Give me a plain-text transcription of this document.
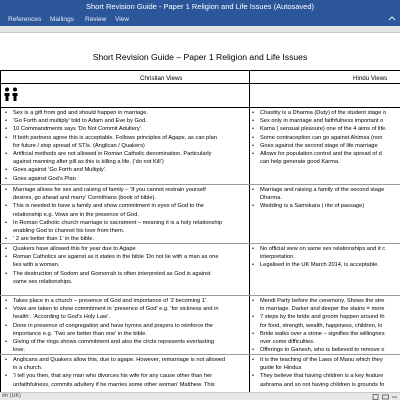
Short Revision Guide - Paper 1 Religion and Life Issues (Autosaved)
References Mailings Review View
Short Revision Guide – Paper 1 Religion and Life Issues
Christian Views	Hindu Views
• Sex is a gift from god and should happen in marriage.
• ‘Go Forth and multiply’ told to Adam and Eve by God.
• 10 Commandments says ‘Do Not Commit Adultery’.
• If both partners agree this is acceptable. Follows principles of Agape, as can plan
for future / stop spread of STIs. (Anglican / Quakers)
• Artificial methods are not allowed in Roman Catholic denomination. Particularly
against manning after pill as this is killing a life. (‘do not Kill’)
• Goes against ‘Go Forth and Multiply’.
• Goes against God’s Plan
• Marriage allows for sex and raising of family – ‘If you cannot restrain yourself
desires, go ahead and marry’ Corinthians (book of bible).
• This is needed to have a family and show commitment in eyes of God to the
relationship e.g. Vows are in the presence of God.
• In Roman Catholic church marriage is sacrament – meaning it is a holy relationship
enabling God to channel his love from them.
• ‘ 2 are better than 1’ in the bible.
• Quakers have allowed this for year due to Agape
• Roman Catholics are against as it states in the bible ‘Do not lie with a man as one
lies with a woman.
• The destruction of Sodom and Gomorrah is often interpreted as God is against
same sex relationships.
• Takes place in a church – presence of God and importance of ‘2 becoming 1’.
• Vows are taken to show commitment in ‘presence of God’ e.g. ‘for sickness and in
health’. ‘According to God’s Holy Law’.
• Done in presence of congregation and have hymns and prayers to reinforce the
importance e.g. ‘Two are better than one’ in the bible.
• Giving of the rings shows commitment and also the circle represents everlasting
love.
• Anglicans and Quakers allow this, due to agape. However, remarriage is not allowed
in a church.
• ‘I tell you then, that any man who divorces his wife for any cause other than her
unfaithfulness, commits adultery if he marries some other woman’ Matthew. This
• Chastity is a Dharma (Duty) of the student stage o
• Sex only in marriage and faithfulness important o
• Kama ( sensual pleasure) one of the 4 aims of life.
• Some contraception can go against Ahimsa (non
• Goes against the second stage of life marriage
• Allows for population control and the spread of d
can help generate good Karma.
• Marriage and raising a family of the second stage
Dharma.
• Wedding is a Samskara ( rite of passage)
• No official view on same sex relationships and it c
interpretation.
• Legalised in the UK March 2014, is acceptable.
• Mendi Party before the ceremony. Shows the stre
in marriage. Darker and deeper the stains = more
• 7 steps by the bride and groom happen around th
for food, strength, wealth, happiness, children, lo
• Bride walks over a stone – signifies the willingnes
over come difficulties.
• Offerings to Ganesh, who is believed to remove o
• It is the teaching of the Laws of Manu which they
guide for Hindus
• They believe that having children is a key feature
ashrama and so not having children is grounds fo
éh (UK)
